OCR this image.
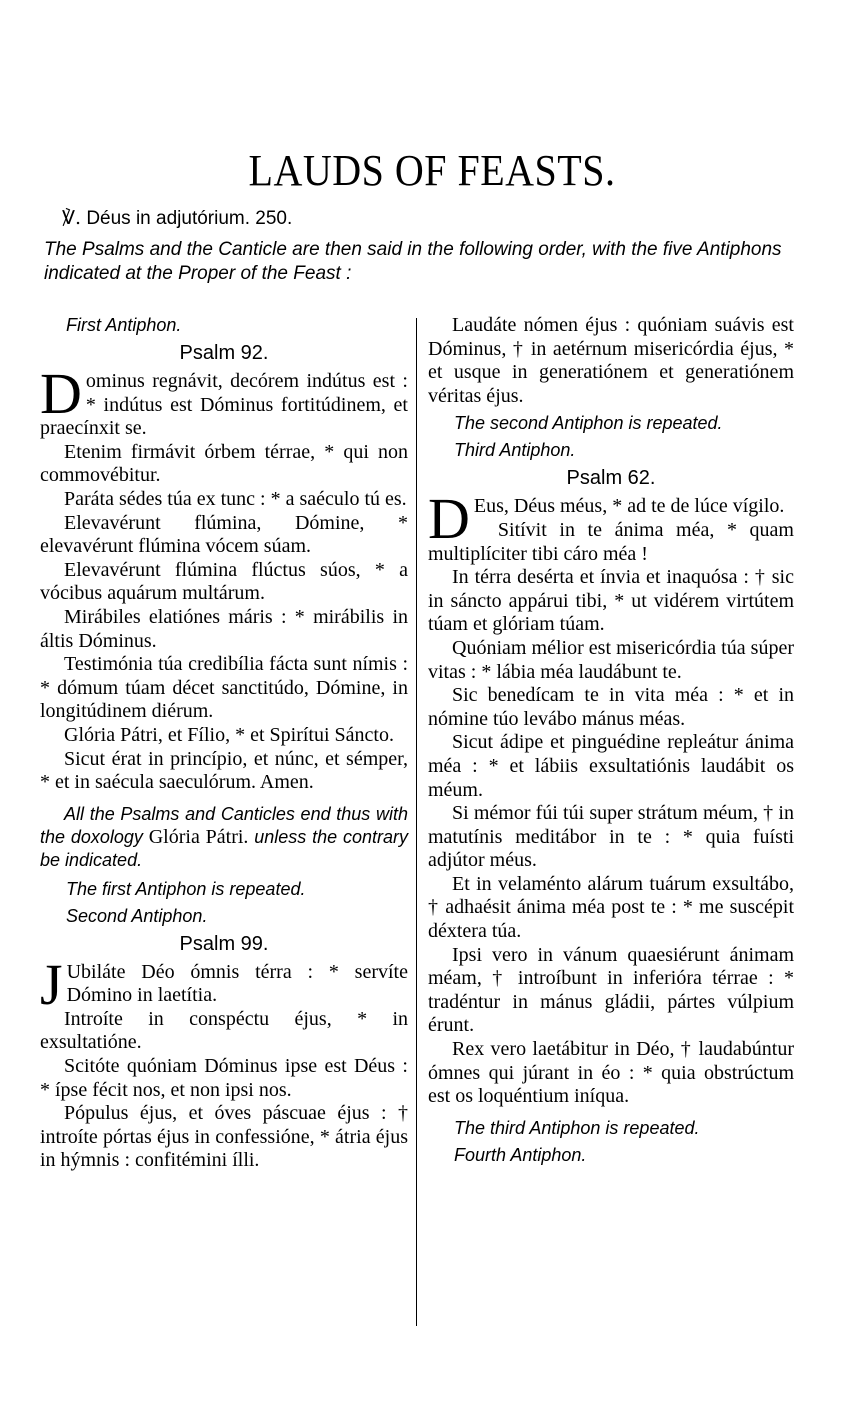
LAUDS OF FEASTS.
℣. Déus in adjutórium. 250.
The Psalms and the Canticle are then said in the following order, with the five Antiphons indicated at the Proper of the Feast :
First Antiphon.
Psalm 92.
Dominus regnávit, decórem indútus est : * indútus est Dóminus fortitúdinem, et praecínxit se.
Etenim firmávit órbem térrae, * qui non commovébitur.
Paráta sédes túa ex tunc : * a saéculo tú es.
Elevavérunt flúmina, Dómine, * elevavérunt flúmina vócem súam.
Elevavérunt flúmina flúctus súos, * a vócibus aquárum multárum.
Mirábiles elatiónes máris : * mirábilis in áltis Dóminus.
Testimónia túa credibília fácta sunt nímis : * dómum túam décet sanctitúdo, Dómine, in longitúdinem diérum.
Glória Pátri, et Fílio, * et Spirítui Sáncto.
Sicut érat in princípio, et núnc, et sémper, * et in saécula saeculórum. Amen.
All the Psalms and Canticles end thus with the doxology Glória Pátri. unless the contrary be indicated.
The first Antiphon is repeated.
Second Antiphon.
Psalm 99.
J Ubiláte Déo ómnis térra : * servíte Dómino in laetítia.
Introíte in conspéctu éjus, * in exsultatióne.
Scitóte quóniam Dóminus ipse est Déus : * ípse fécit nos, et non ipsi nos.
Pópulus éjus, et óves páscuae éjus : † introíte pórtas éjus in confessióne, * átria éjus in hýmnis : confitémini ílli.
Laudáte nómen éjus : quóniam suávis est Dóminus, † in aetérnum misericórdia éjus, * et usque in generatiónem et generatiónem véritas éjus.
The second Antiphon is repeated.
Third Antiphon.
Psalm 62.
D Eus, Déus méus, * ad te de lúce vígilo.
Sitívit in te ánima méa, * quam multiplíciter tibi cáro méa !
In térra desérta et ínvia et inaquósa : † sic in sáncto appárui tibi, * ut vidérem virtútem túam et glóriam túam.
Quóniam mélior est misericórdia túa súper vitas : * lábia méa laudábunt te.
Sic benedícam te in vita méa : * et in nómine túo levábo mánus méas.
Sicut ádipe et pinguédine repleátur ánima méa : * et lábiis exsultatiónis laudábit os méum.
Si mémor fúi túi super strátum méum, † in matutínis meditábor in te : * quia fuísti adjútor méus.
Et in velaménto alárum tuárum exsultábo, † adhaésit ánima méa post te : * me suscépit déxtera túa.
Ipsi vero in vánum quaesiérunt ánimam méam, † introíbunt in inferióra térrae : * tradéntur in mánus gládii, pártes vúlpium érunt.
Rex vero laetábitur in Déo, † laudabúntur ómnes qui júrant in éo : * quia obstrúctum est os loquéntium iníqua.
The third Antiphon is repeated.
Fourth Antiphon.
